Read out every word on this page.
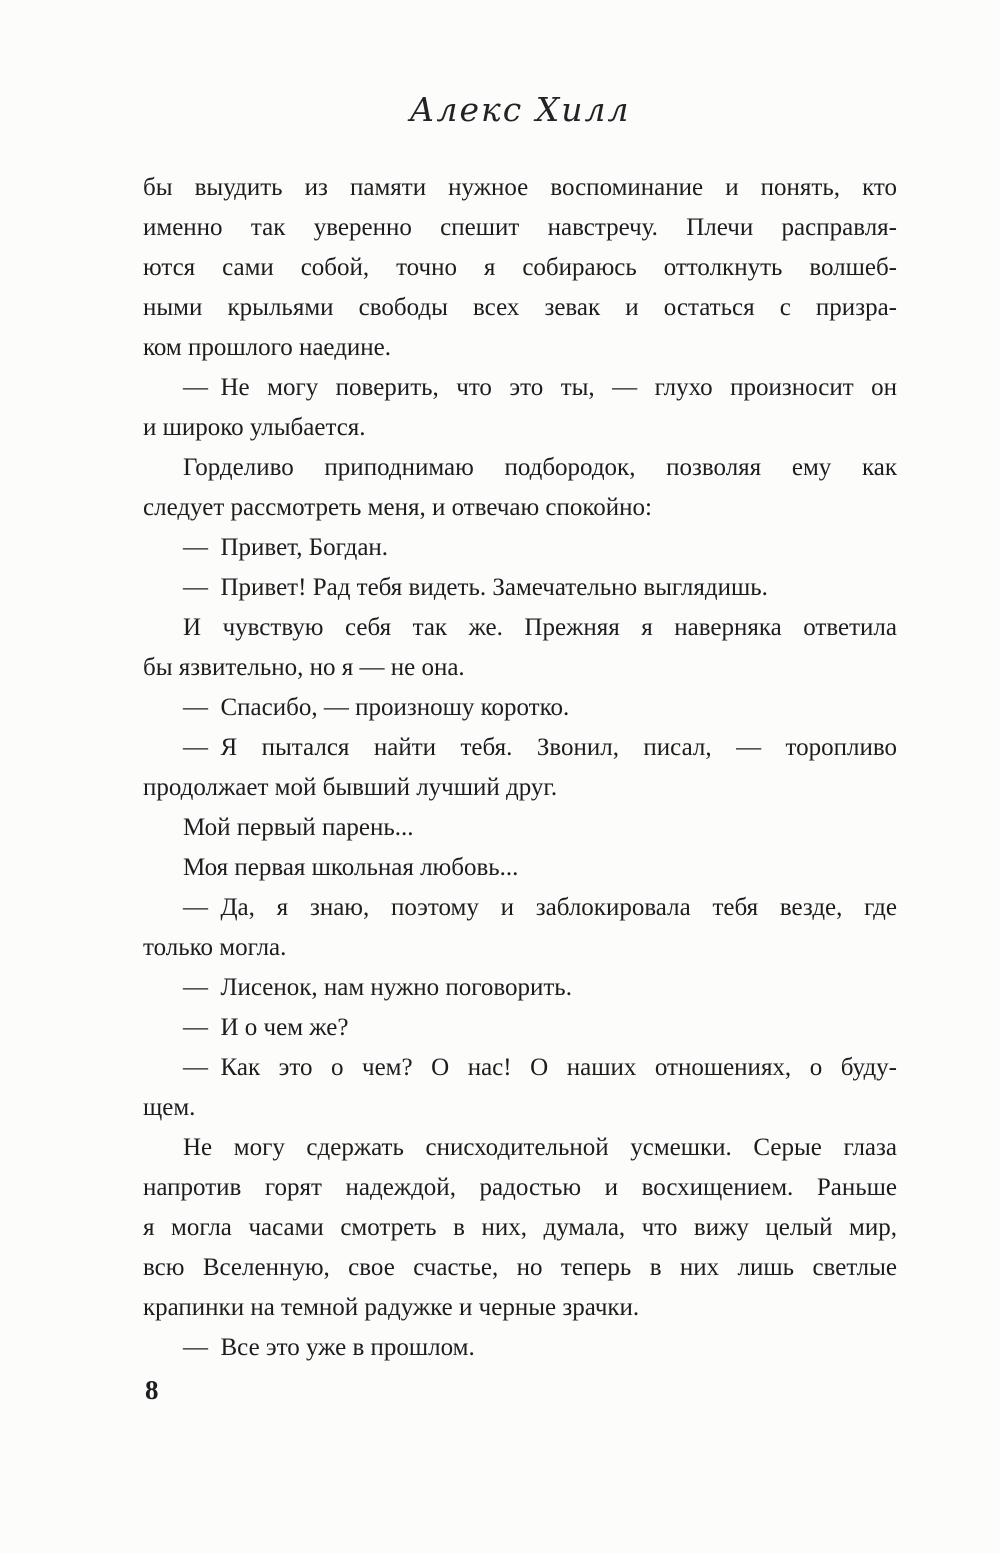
Алекс Хилл

бы выудить из памяти нужное воспоминание и понять, кто
именно так уверенно спешит навстречу. Плечи расправля-
ются сами собой, точно я собираюсь оттолкнуть волшеб-
ными крыльями свободы всех зевак и остаться с призра-
ком прошлого наедине.

— Не могу поверить, что это ты, — глухо произносит он
и широко улыбается.

Горделиво приподнимаю подбородок, позволяя ему как
следует рассмотреть меня, и отвечаю спокойно:

— Привет, Богдан.

— Привет! Рад тебя видеть. Замечательно выглядишь.

И чувствую себя так же. Прежняя я наверняка ответила
бы язвительно, но я — не она.

— Спасибо, — произношу коротко.

— Я пытался найти тебя. Звонил, писал, — торопливо
продолжает мой бывший лучший друг.

Мой первый парень...

Моя первая школьная любовь...

— Да, я знаю, поэтому и заблокировала тебя везде, где
только могла.

— Лисенок, нам нужно поговорить.

— И о чем же?

— Как это о чем? О нас! О наших отношениях, о буду-
щем.

Не могу сдержать снисходительной усмешки. Серые глаза
напротив горят надеждой, радостью и восхищением. Раньше
я могла часами смотреть в них, думала, что вижу целый мир,
всю Вселенную, свое счастье, но теперь в них лишь светлые
крапинки на темной радужке и черные зрачки.

— Все это уже в прошлом.

8
